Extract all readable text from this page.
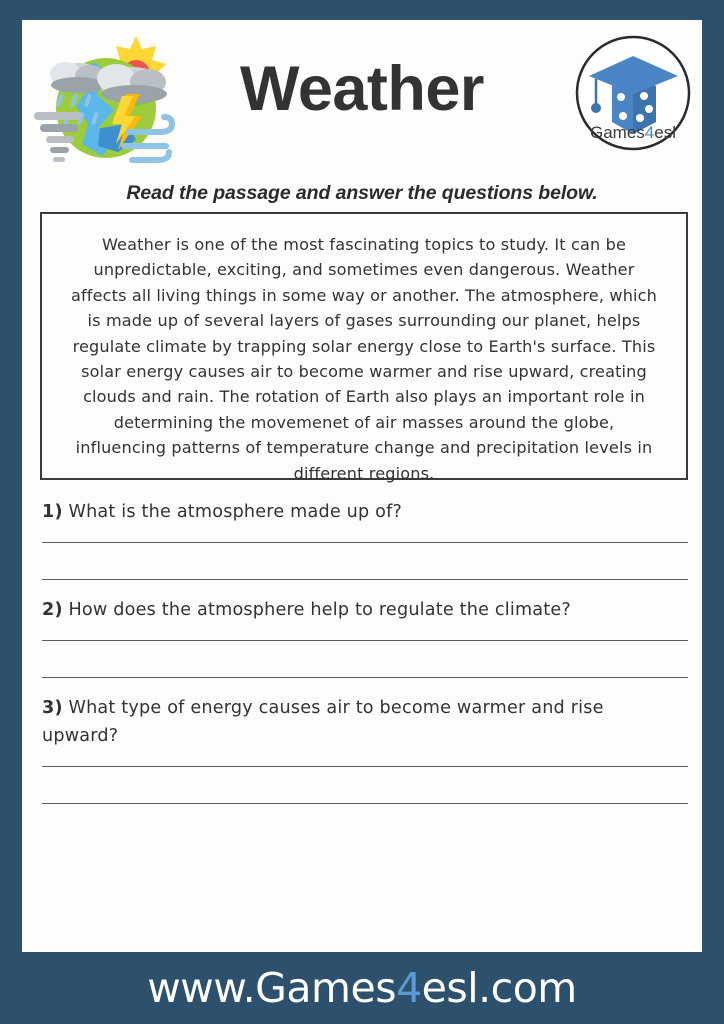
Weather
Games4esl
Read the passage and answer the questions below.

Weather is one of the most fascinating topics to study. It can be unpredictable, exciting, and sometimes even dangerous. Weather affects all living things in some way or another. The atmosphere, which is made up of several layers of gases surrounding our planet, helps regulate climate by trapping solar energy close to Earth's surface. This solar energy causes air to become warmer and rise upward, creating clouds and rain. The rotation of Earth also plays an important role in determining the movemenet of air masses around the globe, influencing patterns of temperature change and precipitation levels in different regions.

1) What is the atmosphere made up of?

2) How does the atmosphere help to regulate the climate?

3) What type of energy causes air to become warmer and rise upward?

www.Games4esl.com
